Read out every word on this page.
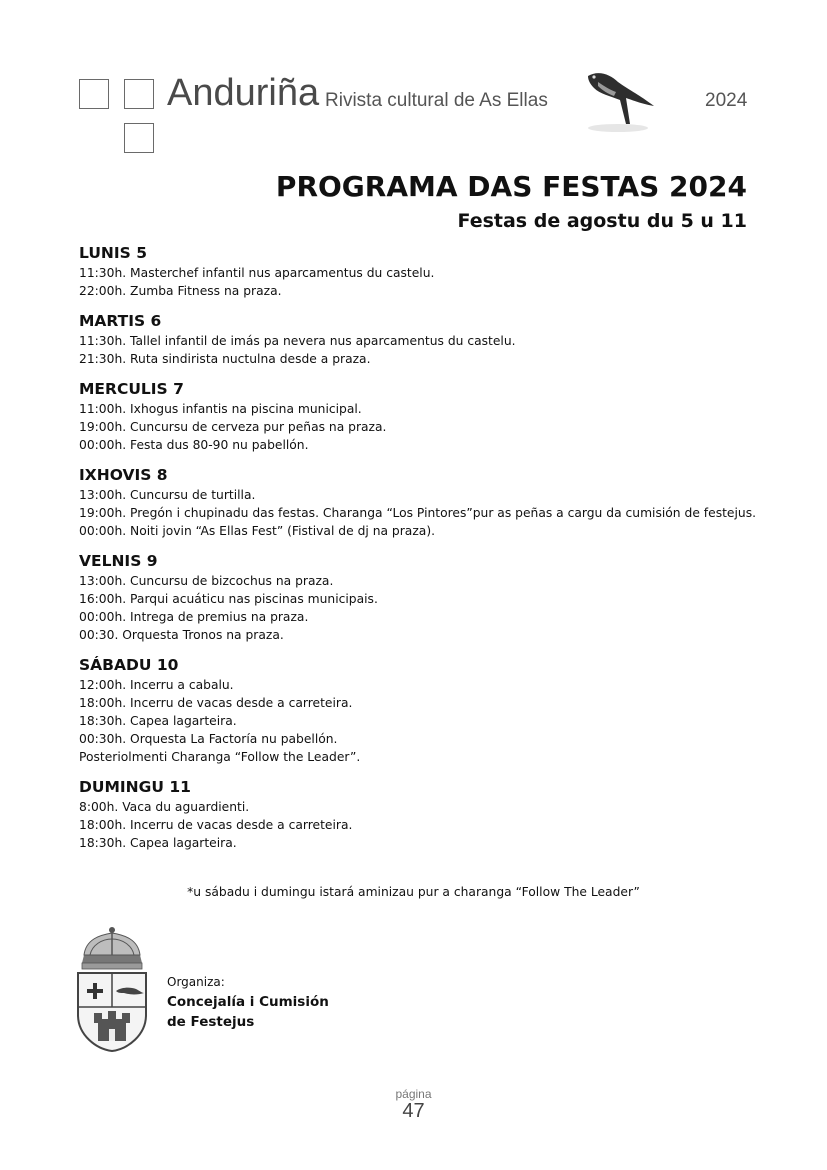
Anduriña Rivista cultural de As Ellas	2024
PROGRAMA DAS FESTAS 2024
Festas de agostu du 5 u 11
LUNIS 5
11:30h. Masterchef infantil nus aparcamentus du castelu.
22:00h. Zumba Fitness na praza.
MARTIS 6
11:30h. Tallel infantil de imás pa nevera nus aparcamentus du castelu.
21:30h. Ruta sindirista nuctulna desde a praza.
MERCULIS 7
11:00h. Ixhogus infantis na piscina municipal.
19:00h. Cuncursu de cerveza pur peñas na praza.
00:00h. Festa dus 80-90 nu pabellón.
IXHOVIS 8
13:00h. Cuncursu de turtilla.
19:00h. Pregón i chupinadu das festas. Charanga “Los Pintores”pur as peñas a cargu da cumisión de festejus.
00:00h. Noiti jovin “As Ellas Fest” (Fistival de dj na praza).
VELNIS 9
13:00h. Cuncursu de bizcochus na praza.
16:00h. Parqui acuáticu nas piscinas municipais.
00:00h. Intrega de premius na praza.
00:30. Orquesta Tronos na praza.
SÁBADU 10
12:00h. Incerru a cabalu.
18:00h. Incerru de vacas desde a carreteira.
18:30h. Capea lagarteira.
00:30h. Orquesta La Factoría nu pabellón.
Posteriolmenti Charanga “Follow the Leader”.
DUMINGU 11
8:00h. Vaca du aguardienti.
18:00h. Incerru de vacas desde a carreteira.
18:30h. Capea lagarteira.
*u sábadu i dumingu istará aminizau pur a charanga “Follow The Leader”
Organiza:
Concejalía i Cumisión
de Festejus
página
47
